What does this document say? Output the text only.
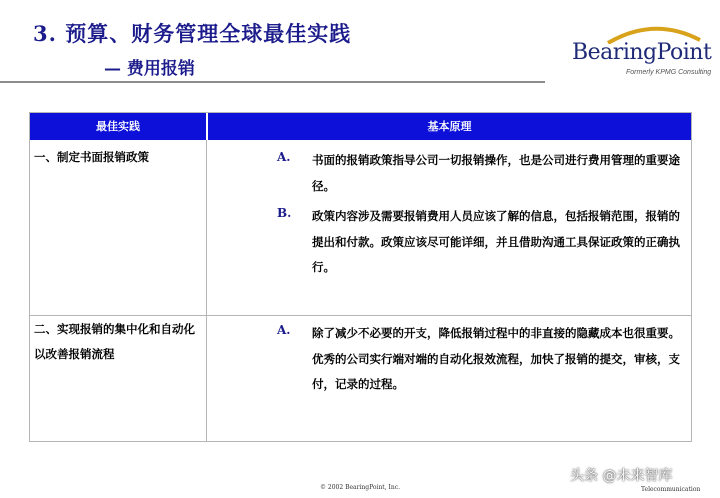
3. 预算、财务管理全球最佳实践
— 费用报销
BearingPoint
Formerly KPMG Consulting
最佳实践	基本原理
一、制定书面报销政策	A. 书面的报销政策指导公司一切报销操作，也是公司进行费用管理的重要途径。
B. 政策内容涉及需要报销费用人员应该了解的信息，包括报销范围，报销的提出和付款。政策应该尽可能详细，并且借助沟通工具保证政策的正确执行。
二、实现报销的集中化和自动化以改善报销流程
A. 除了减少不必要的开支，降低报销过程中的非直接的隐藏成本也很重要。优秀的公司实行端对端的自动化报效流程，加快了报销的提交，审核，支付，记录的过程。
© 2002 BearingPoint, Inc.
头条 @未来智库
Telecommunication
